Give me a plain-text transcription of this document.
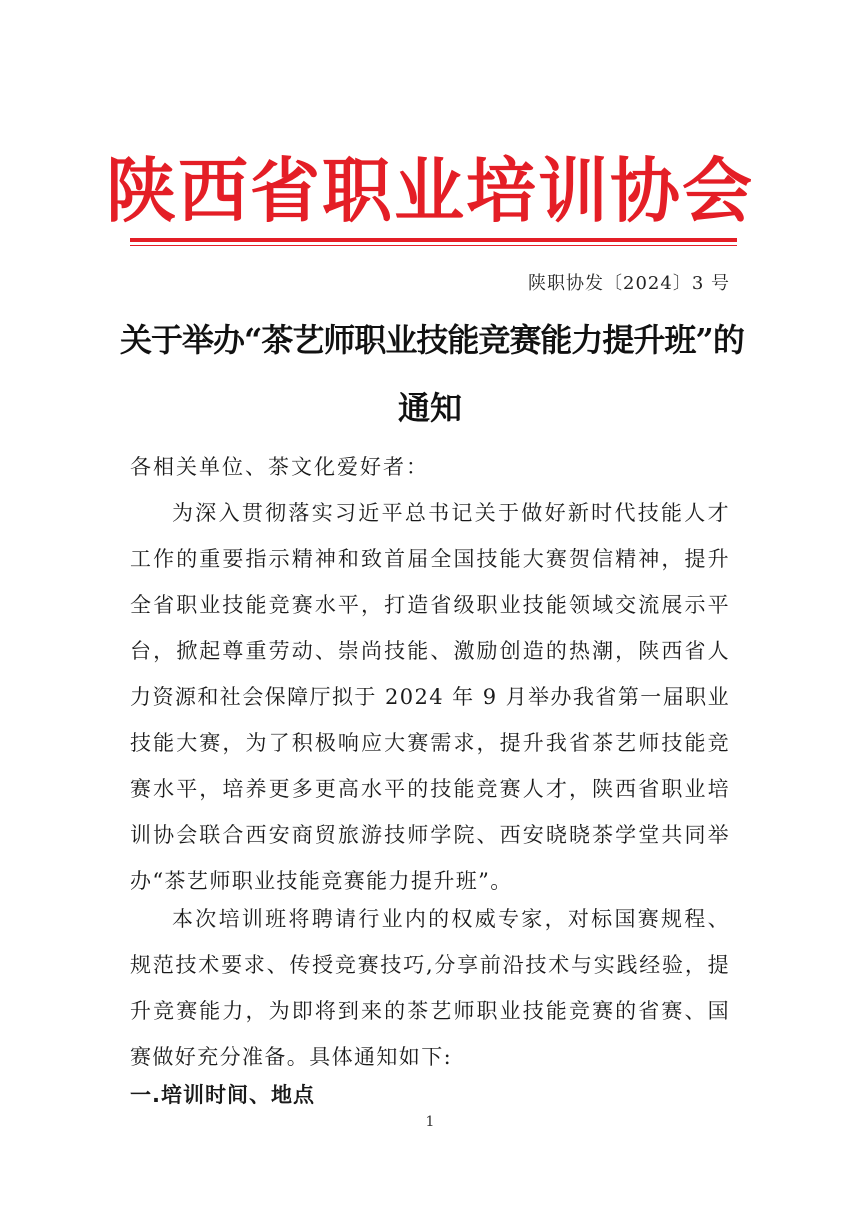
陕西省职业培训协会
陕职协发〔2024〕3 号
关于举办“茶艺师职业技能竞赛能力提升班”的
通知
各相关单位、茶文化爱好者：
为深入贯彻落实习近平总书记关于做好新时代技能人才工作的重要指示精神和致首届全国技能大赛贺信精神，提升全省职业技能竞赛水平，打造省级职业技能领域交流展示平台，掀起尊重劳动、崇尚技能、激励创造的热潮，陕西省人力资源和社会保障厅拟于 2024 年 9 月举办我省第一届职业技能大赛，为了积极响应大赛需求，提升我省茶艺师技能竞赛水平，培养更多更高水平的技能竞赛人才，陕西省职业培训协会联合西安商贸旅游技师学院、西安晓晓茶学堂共同举办“茶艺师职业技能竞赛能力提升班”。
本次培训班将聘请行业内的权威专家，对标国赛规程、规范技术要求、传授竞赛技巧,分享前沿技术与实践经验，提升竞赛能力，为即将到来的茶艺师职业技能竞赛的省赛、国赛做好充分准备。具体通知如下:
一.培训时间、地点
1
